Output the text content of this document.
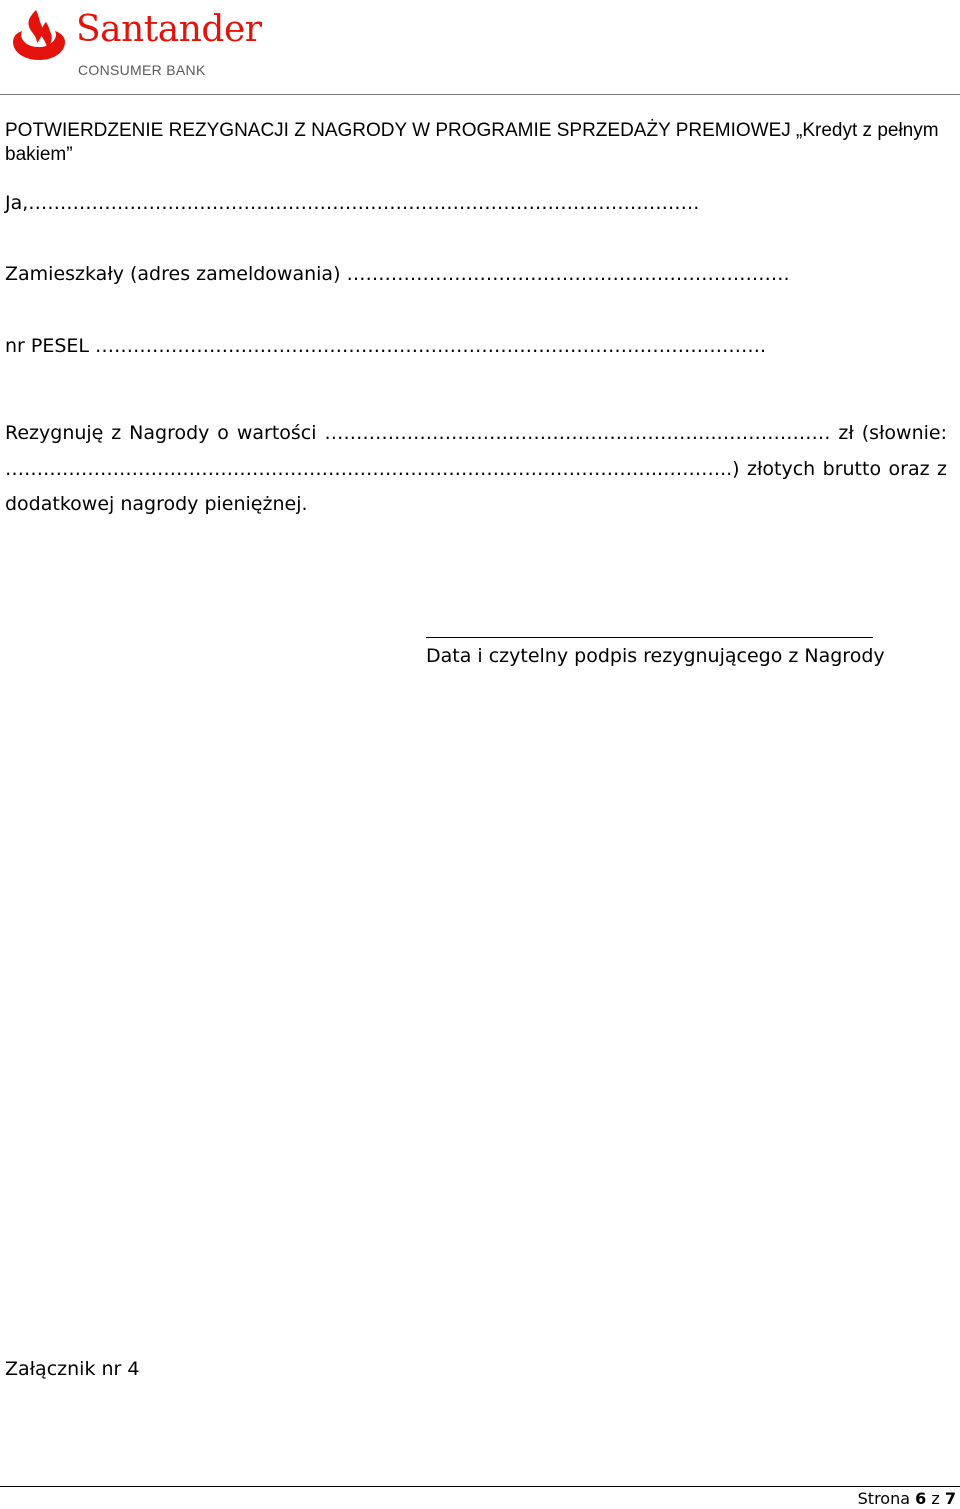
Santander
CONSUMER BANK
POTWIERDZENIE REZYGNACJI Z NAGRODY W PROGRAMIE SPRZEDAŻY PREMIOWEJ „Kredyt z pełnym bakiem”
Ja,…………………………………………………………………………………………….
Zamieszkały (adres zameldowania) …………………………………………………………….
nr PESEL …………………………………………………………………………………………….
Rezygnuję z Nagrody o wartości ……………………………………………………..……………… zł (słownie: …………………………………………………………………………………………..………..) złotych brutto oraz z dodatkowej nagrody pieniężnej.
Data i czytelny podpis rezygnującego z Nagrody
Załącznik nr 4
Strona 6 z 7
